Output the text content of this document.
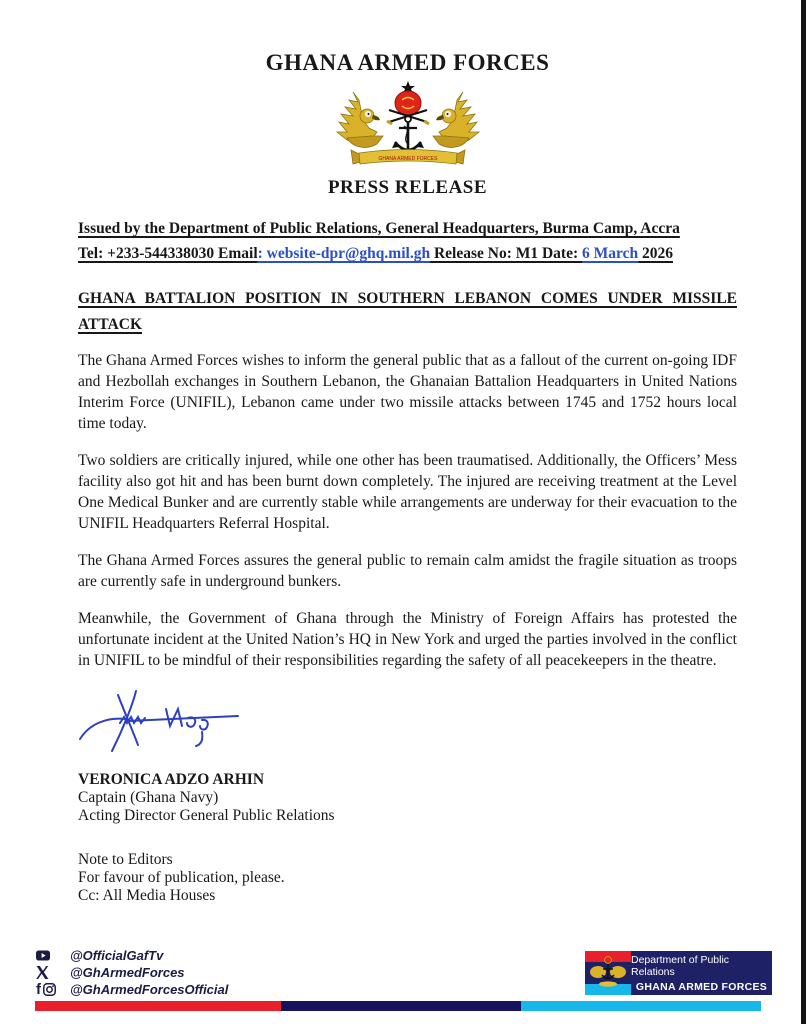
GHANA ARMED FORCES
GHANA ARMED FORCES
PRESS RELEASE
Issued by the Department of Public Relations, General Headquarters, Burma Camp, Accra
Tel: +233-544338030 Email: website-dpr@ghq.mil.gh Release No: M1 Date: 6 March 2026
GHANA BATTALION POSITION IN SOUTHERN LEBANON COMES UNDER MISSILE ATTACK

The Ghana Armed Forces wishes to inform the general public that as a fallout of the current on-going IDF and Hezbollah exchanges in Southern Lebanon, the Ghanaian Battalion Headquarters in United Nations Interim Force (UNIFIL), Lebanon came under two missile attacks between 1745 and 1752 hours local time today.

Two soldiers are critically injured, while one other has been traumatised. Additionally, the Officers’ Mess facility also got hit and has been burnt down completely. The injured are receiving treatment at the Level One Medical Bunker and are currently stable while arrangements are underway for their evacuation to the UNIFIL Headquarters Referral Hospital.

The Ghana Armed Forces assures the general public to remain calm amidst the fragile situation as troops are currently safe in underground bunkers.

Meanwhile, the Government of Ghana through the Ministry of Foreign Affairs has protested the unfortunate incident at the United Nation’s HQ in New York and urged the parties involved in the conflict in UNIFIL to be mindful of their responsibilities regarding the safety of all peacekeepers in the theatre.

VERONICA ADZO ARHIN
Captain (Ghana Navy)
Acting Director General Public Relations
Note to Editors
For favour of publication, please.
Cc: All Media Houses
@OfficialGafTv
@GhArmedForces
f @GhArmedForcesOfficial
Department of Public Relations
GHANA ARMED FORCES
